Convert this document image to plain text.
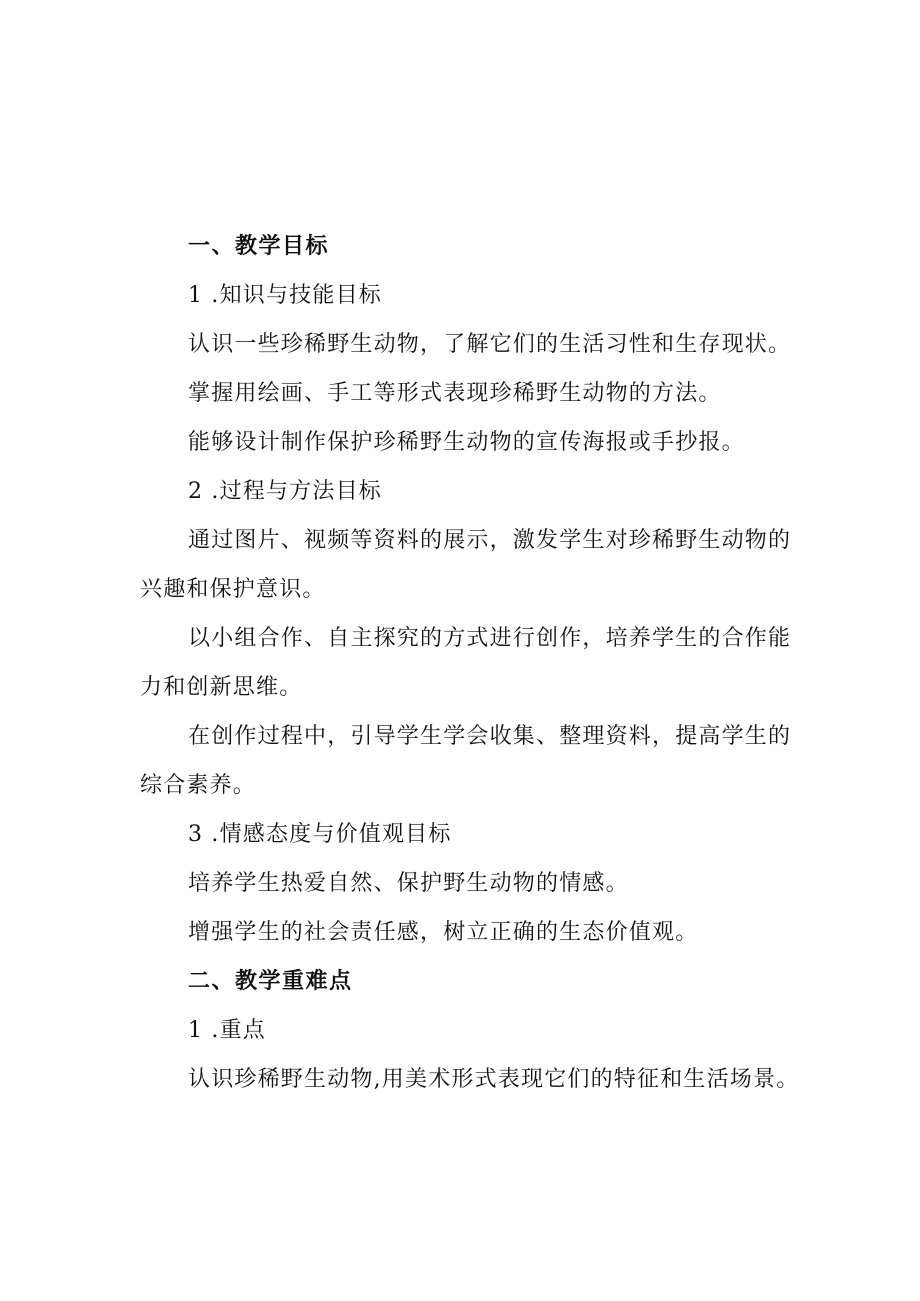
一、教学目标
1 .知识与技能目标
认识一些珍稀野生动物，了解它们的生活习性和生存现状。
掌握用绘画、手工等形式表现珍稀野生动物的方法。
能够设计制作保护珍稀野生动物的宣传海报或手抄报。
2 .过程与方法目标
通过图片、视频等资料的展示，激发学生对珍稀野生动物的
兴趣和保护意识。
以小组合作、自主探究的方式进行创作，培养学生的合作能
力和创新思维。
在创作过程中，引导学生学会收集、整理资料，提高学生的
综合素养。
3 .情感态度与价值观目标
培养学生热爱自然、保护野生动物的情感。
增强学生的社会责任感，树立正确的生态价值观。
二、教学重难点
1 .重点
认识珍稀野生动物,用美术形式表现它们的特征和生活场景。
